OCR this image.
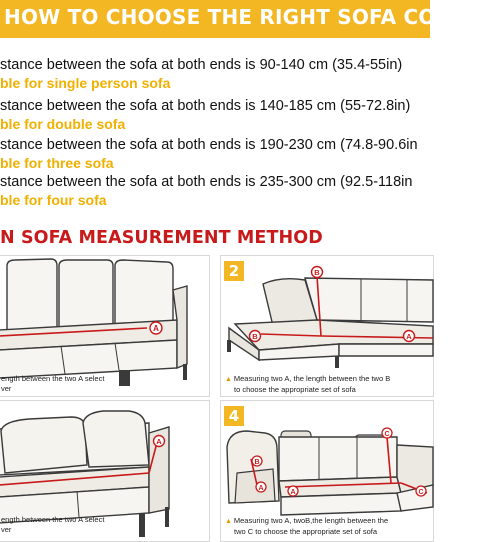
HOW TO CHOOSE THE RIGHT SOFA COVER
stance between the sofa at both ends is 90-140 cm (35.4-55in)
ble for single person sofa
stance between the sofa at both ends is 140-185 cm (55-72.8in)
ble for double sofa
stance between the sofa at both ends is 190-230 cm (74.8-90.6in
ble for three sofa
stance between the sofa at both ends is 235-300 cm (92.5-118in
ble for four sofa
N SOFA MEASUREMENT METHOD
A
ength between the two A select
ver
B
B	A
2
▲ Measuring two A, the length between the two B
to choose the appropriate set of sofa
A
ength between the two A select
ver
B
A
A
C
C
4
▲ Measuring two A, twoB,the length between the
two C to choose the appropriate set of sofa
